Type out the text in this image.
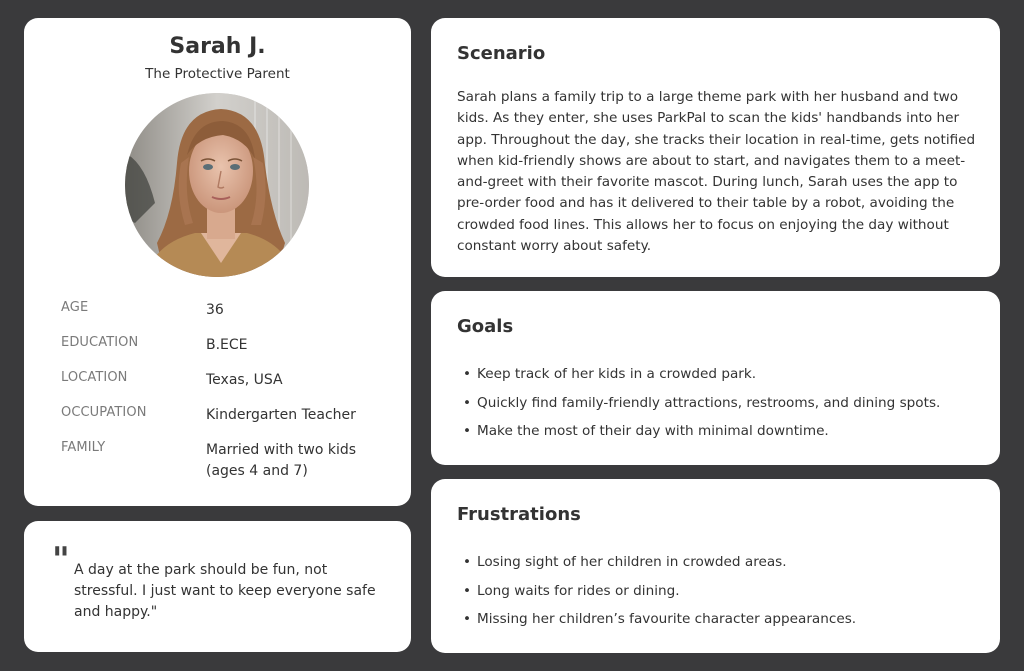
Sarah J.
The Protective Parent
AGE	36
EDUCATION	B.ECE
LOCATION	Texas, USA
OCCUPATION	Kindergarten Teacher
FAMILY	Married with two kids (ages 4 and 7)
" A day at the park should be fun, not stressful. I just want to keep everyone safe and happy."
Scenario
Sarah plans a family trip to a large theme park with her husband and two kids. As they enter, she uses ParkPal to scan the kids' handbands into her app. Throughout the day, she tracks their location in real-time, gets notified when kid-friendly shows are about to start, and navigates them to a meet-and-greet with their favorite mascot. During lunch, Sarah uses the app to pre-order food and has it delivered to their table by a robot, avoiding the crowded food lines. This allows her to focus on enjoying the day without constant worry about safety.
Goals
• Keep track of her kids in a crowded park.
• Quickly find family-friendly attractions, restrooms, and dining spots.
• Make the most of their day with minimal downtime.
Frustrations
• Losing sight of her children in crowded areas.
• Long waits for rides or dining.
• Missing her children’s favourite character appearances.
